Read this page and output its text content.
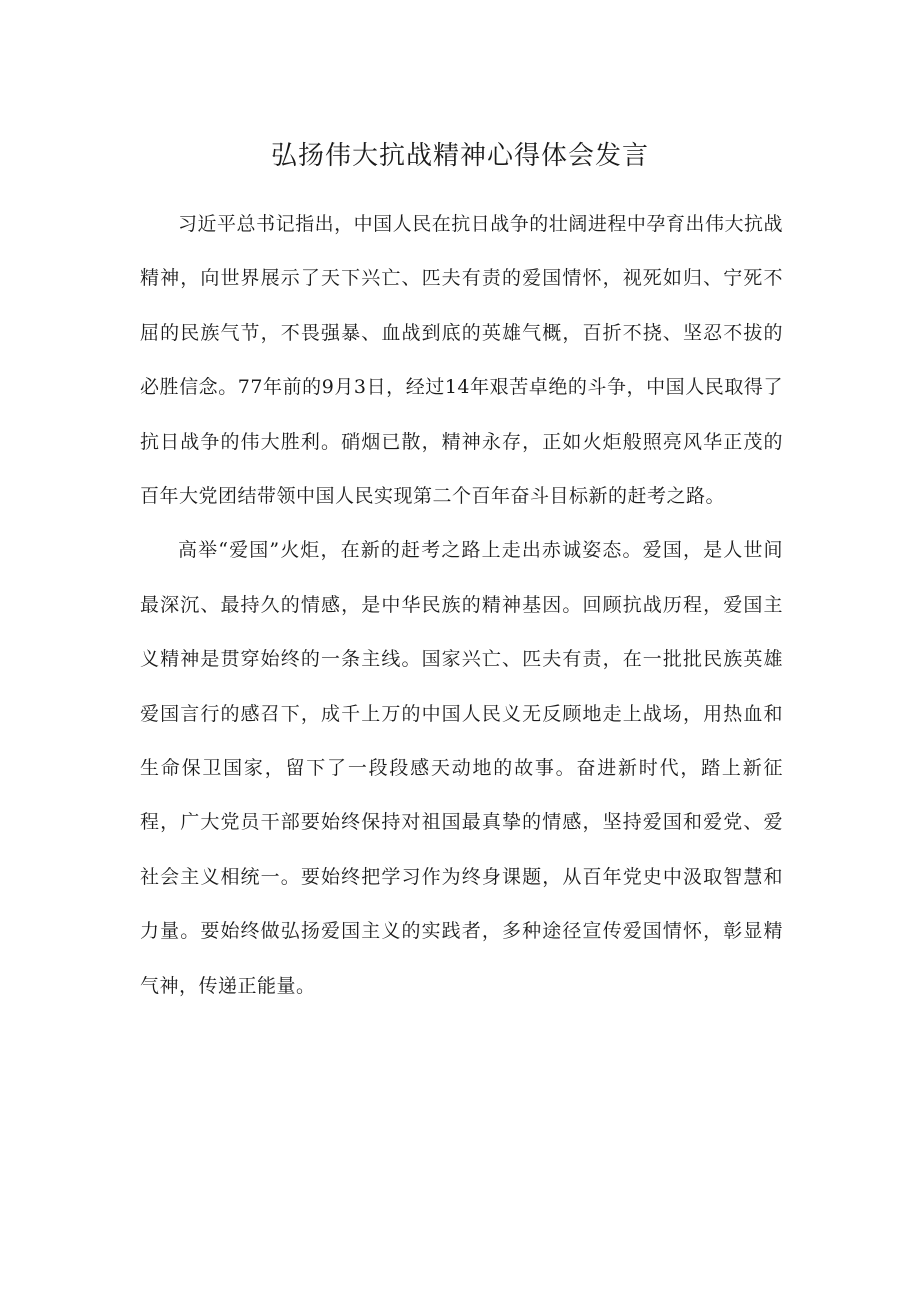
弘扬伟大抗战精神心得体会发言

习近平总书记指出，中国人民在抗日战争的壮阔进程中孕育出伟大抗战精神，向世界展示了天下兴亡、匹夫有责的爱国情怀，视死如归、宁死不屈的民族气节，不畏强暴、血战到底的英雄气概，百折不挠、坚忍不拔的必胜信念。77年前的9月3日，经过14年艰苦卓绝的斗争，中国人民取得了抗日战争的伟大胜利。硝烟已散，精神永存，正如火炬般照亮风华正茂的百年大党团结带领中国人民实现第二个百年奋斗目标新的赶考之路。

高举“爱国”火炬，在新的赶考之路上走出赤诚姿态。爱国，是人世间最深沉、最持久的情感，是中华民族的精神基因。回顾抗战历程，爱国主义精神是贯穿始终的一条主线。国家兴亡、匹夫有责，在一批批民族英雄爱国言行的感召下，成千上万的中国人民义无反顾地走上战场，用热血和生命保卫国家，留下了一段段感天动地的故事。奋进新时代，踏上新征程，广大党员干部要始终保持对祖国最真挚的情感，坚持爱国和爱党、爱社会主义相统一。要始终把学习作为终身课题，从百年党史中汲取智慧和力量。要始终做弘扬爱国主义的实践者，多种途径宣传爱国情怀，彰显精气神，传递正能量。
